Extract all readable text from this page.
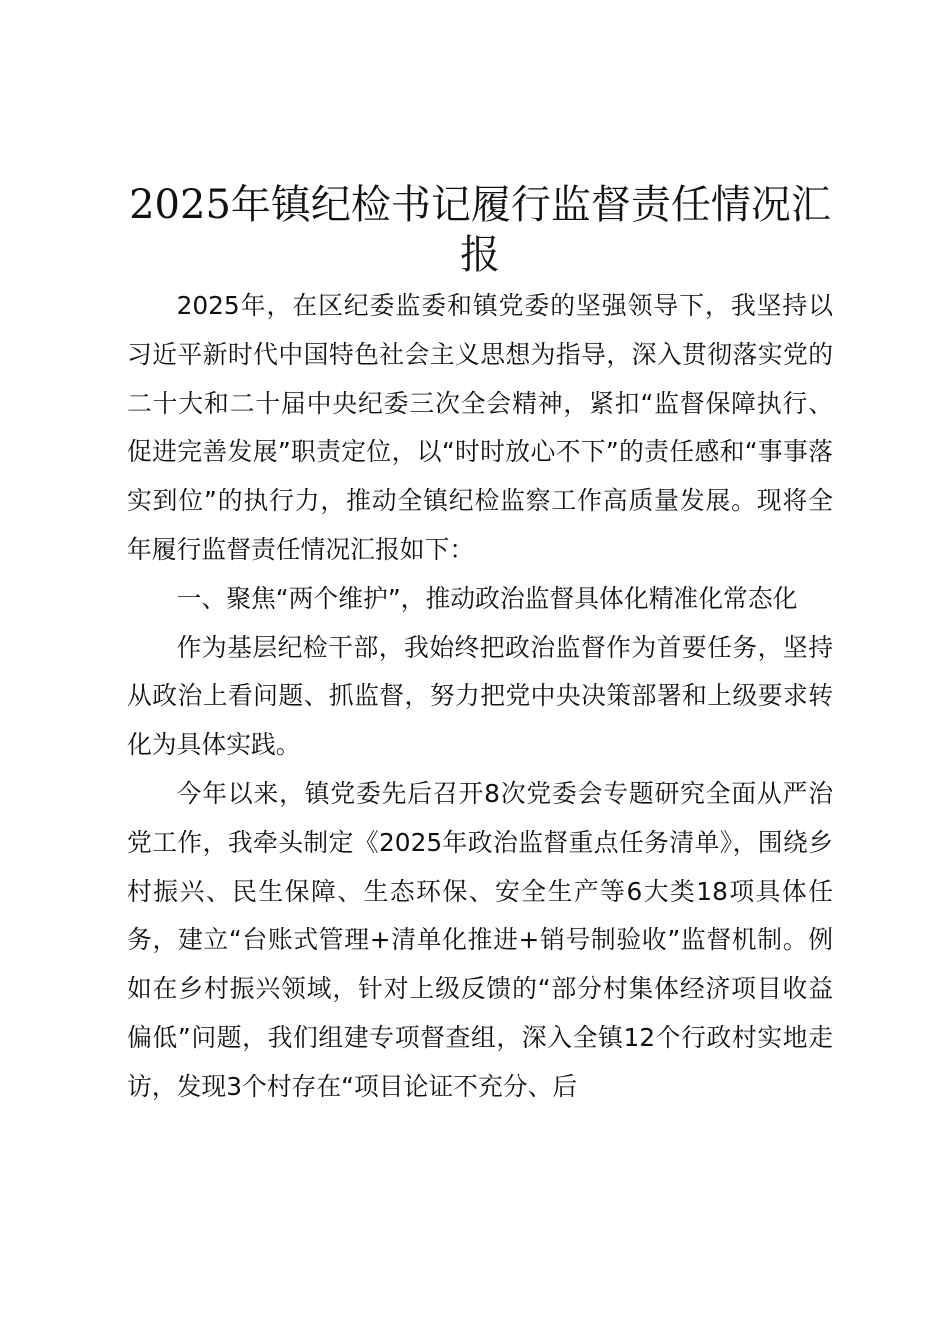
2025年镇纪检书记履行监督责任情况汇报

2025年，在区纪委监委和镇党委的坚强领导下，我坚持以习近平新时代中国特色社会主义思想为指导，深入贯彻落实党的二十大和二十届中央纪委三次全会精神，紧扣“监督保障执行、促进完善发展”职责定位，以“时时放心不下”的责任感和“事事落实到位”的执行力，推动全镇纪检监察工作高质量发展。现将全年履行监督责任情况汇报如下：

一、聚焦“两个维护”，推动政治监督具体化精准化常态化

作为基层纪检干部，我始终把政治监督作为首要任务，坚持从政治上看问题、抓监督，努力把党中央决策部署和上级要求转化为具体实践。

今年以来，镇党委先后召开8次党委会专题研究全面从严治党工作，我牵头制定《2025年政治监督重点任务清单》，围绕乡村振兴、民生保障、生态环保、安全生产等6大类18项具体任务，建立“台账式管理+清单化推进+销号制验收”监督机制。例如在乡村振兴领域，针对上级反馈的“部分村集体经济项目收益偏低”问题，我们组建专项督查组，深入全镇12个行政村实地走访，发现3个村存在“项目论证不充分、后
